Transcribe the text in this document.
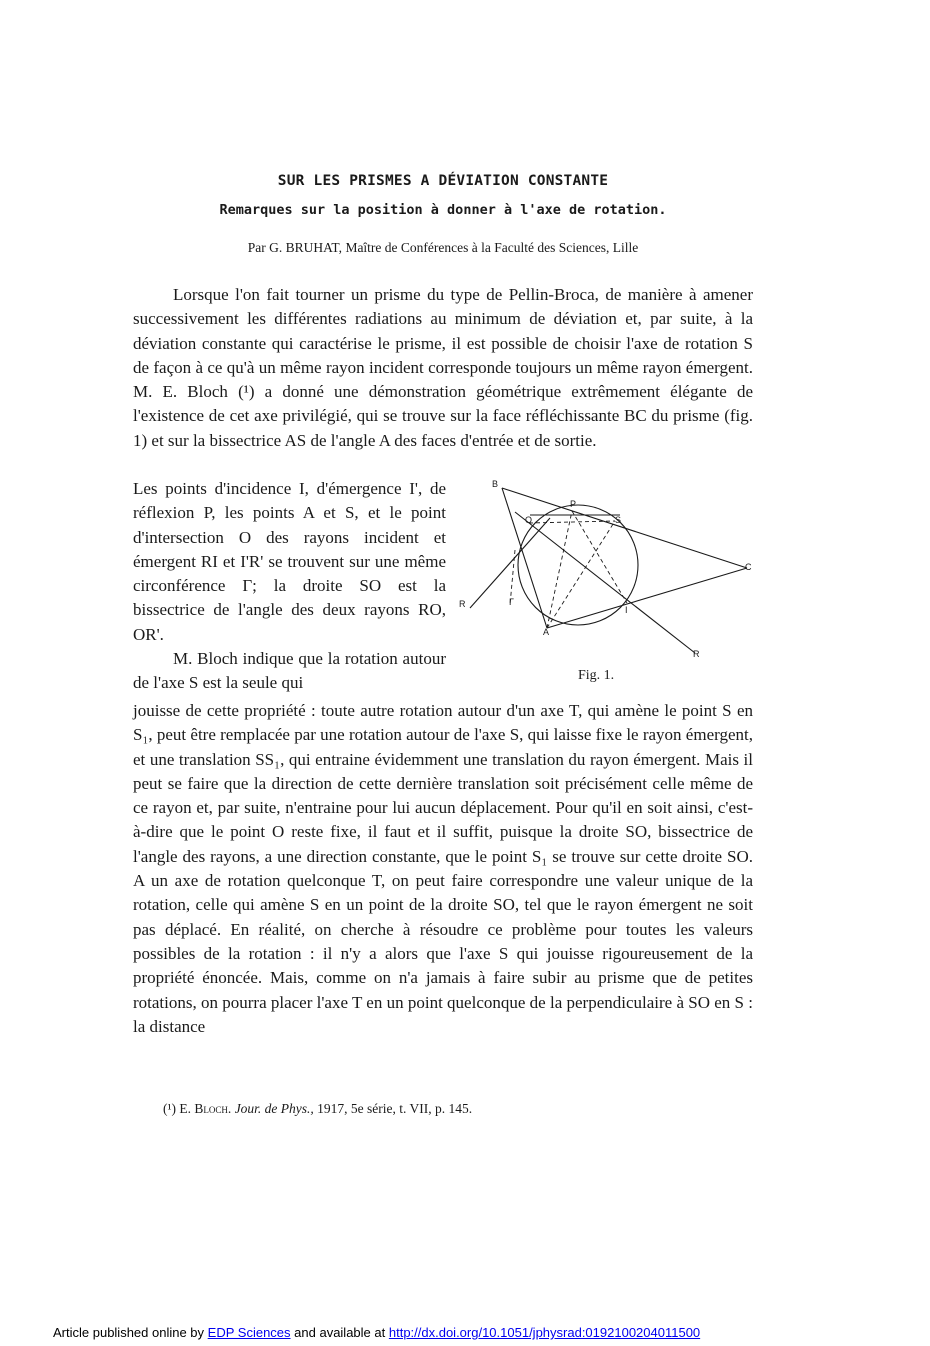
SUR LES PRISMES A DÉVIATION CONSTANTE
Remarques sur la position à donner à l'axe de rotation.
Par G. BRUHAT, Maître de Conférences à la Faculté des Sciences, Lille

Lorsque l'on fait tourner un prisme du type de Pellin-Broca, de manière à amener successivement les différentes radiations au minimum de déviation et, par suite, à la déviation constante qui caractérise le prisme, il est possible de choisir l'axe de rotation S de façon à ce qu'à un même rayon incident corresponde toujours un même rayon émergent. M. E. Bloch (¹) a donné une démonstration géométrique extrêmement élégante de l'existence de cet axe privilégié, qui se trouve sur la face réfléchissante BC du prisme (fig. 1) et sur la bissectrice AS de l'angle A des faces d'entrée et de sortie.

Les points d'incidence I, d'émergence I', de réflexion P, les points A et S, et le point d'intersection O des rayons incident et émergent RI et I'R' se trouvent sur une même circonférence Γ; la droite SO est la bissectrice de l'angle des deux rayons RO, OR'.

M. Bloch indique que la rotation autour de l'axe S est la seule qui

B
O
P
S
C
R	Γ
A
I
R
Fig. 1.

jouisse de cette propriété : toute autre rotation autour d'un axe T, qui amène le point S en S₁, peut être remplacée par une rotation autour de l'axe S, qui laisse fixe le rayon émergent, et une translation SS₁, qui entraine évidemment une translation du rayon émergent. Mais il peut se faire que la direction de cette dernière translation soit précisément celle même de ce rayon et, par suite, n'entraine pour lui aucun déplacement. Pour qu'il en soit ainsi, c'est-à-dire que le point O reste fixe, il faut et il suffit, puisque la droite SO, bissectrice de l'angle des rayons, a une direction constante, que le point S₁ se trouve sur cette droite SO. A un axe de rotation quelconque T, on peut faire correspondre une valeur unique de la rotation, celle qui amène S en un point de la droite SO, tel que le rayon émergent ne soit pas déplacé. En réalité, on cherche à résoudre ce problème pour toutes les valeurs possibles de la rotation : il n'y a alors que l'axe S qui jouisse rigoureusement de la propriété énoncée. Mais, comme on n'a jamais à faire subir au prisme que de petites rotations, on pourra placer l'axe T en un point quelconque de la perpendiculaire à SO en S : la distance

(¹) E. Bloch. Jour. de Phys., 1917, 5e série, t. VII, p. 145.
Article published online by EDP Sciences and available at http://dx.doi.org/10.1051/jphysrad:0192100204011500
